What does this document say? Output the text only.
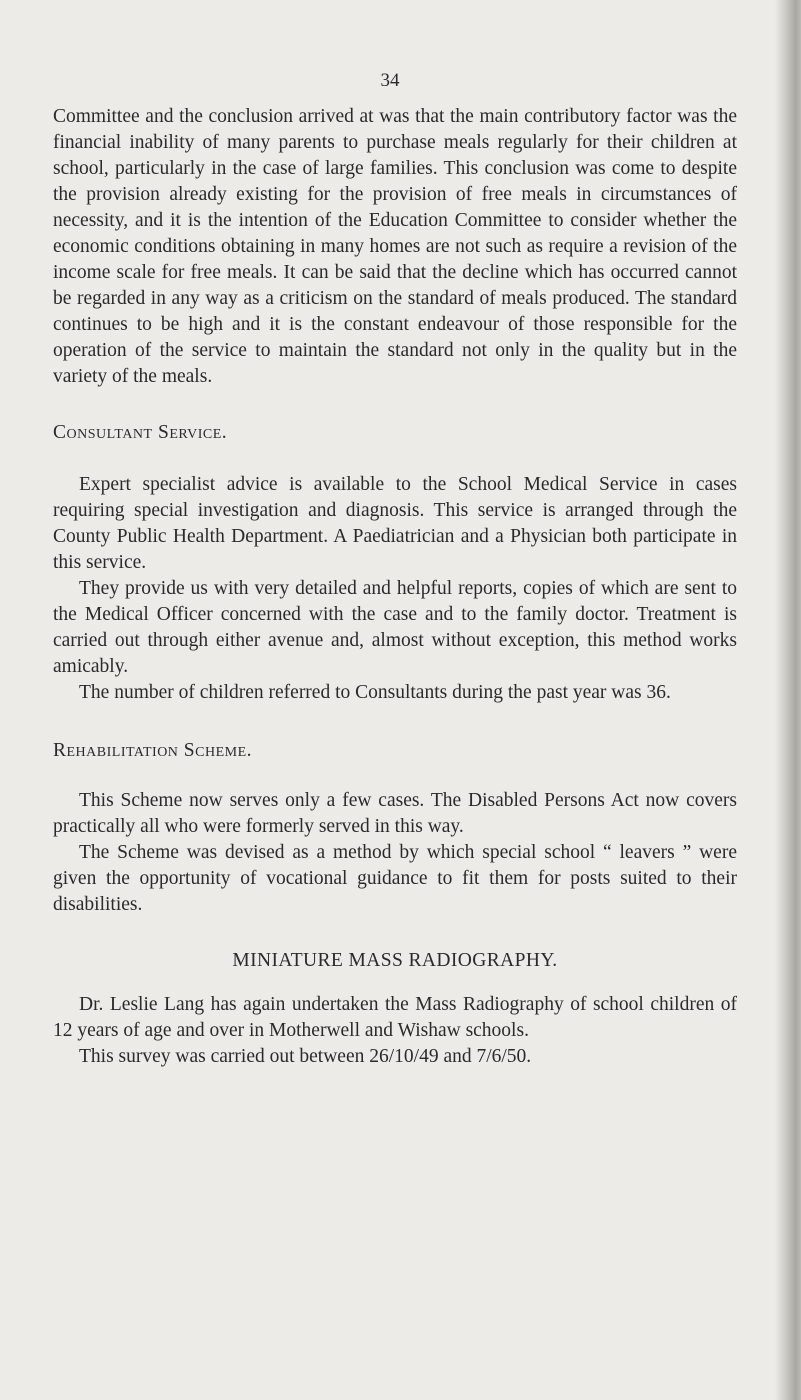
34

Committee and the conclusion arrived at was that the main contributory factor was the financial inability of many parents to purchase meals regularly for their children at school, particularly in the case of large families. This conclusion was come to despite the provision already existing for the provision of free meals in circumstances of necessity, and it is the intention of the Education Committee to consider whether the economic conditions obtaining in many homes are not such as require a revision of the income scale for free meals. It can be said that the decline which has occurred cannot be regarded in any way as a criticism on the standard of meals produced. The standard continues to be high and it is the constant endeavour of those responsible for the operation of the service to maintain the standard not only in the quality but in the variety of the meals.

Consultant Service.

Expert specialist advice is available to the School Medical Service in cases requiring special investigation and diagnosis. This service is arranged through the County Public Health Department. A Paediatrician and a Physician both participate in this service.

They provide us with very detailed and helpful reports, copies of which are sent to the Medical Officer concerned with the case and to the family doctor. Treatment is carried out through either avenue and, almost without exception, this method works amicably.

The number of children referred to Consultants during the past year was 36.

Rehabilitation Scheme.

This Scheme now serves only a few cases. The Disabled Persons Act now covers practically all who were formerly served in this way.

The Scheme was devised as a method by which special school “ leavers ” were given the opportunity of vocational guidance to fit them for posts suited to their disabilities.

MINIATURE MASS RADIOGRAPHY.

Dr. Leslie Lang has again undertaken the Mass Radiography of school children of 12 years of age and over in Motherwell and Wishaw schools.

This survey was carried out between 26/10/49 and 7/6/50.
